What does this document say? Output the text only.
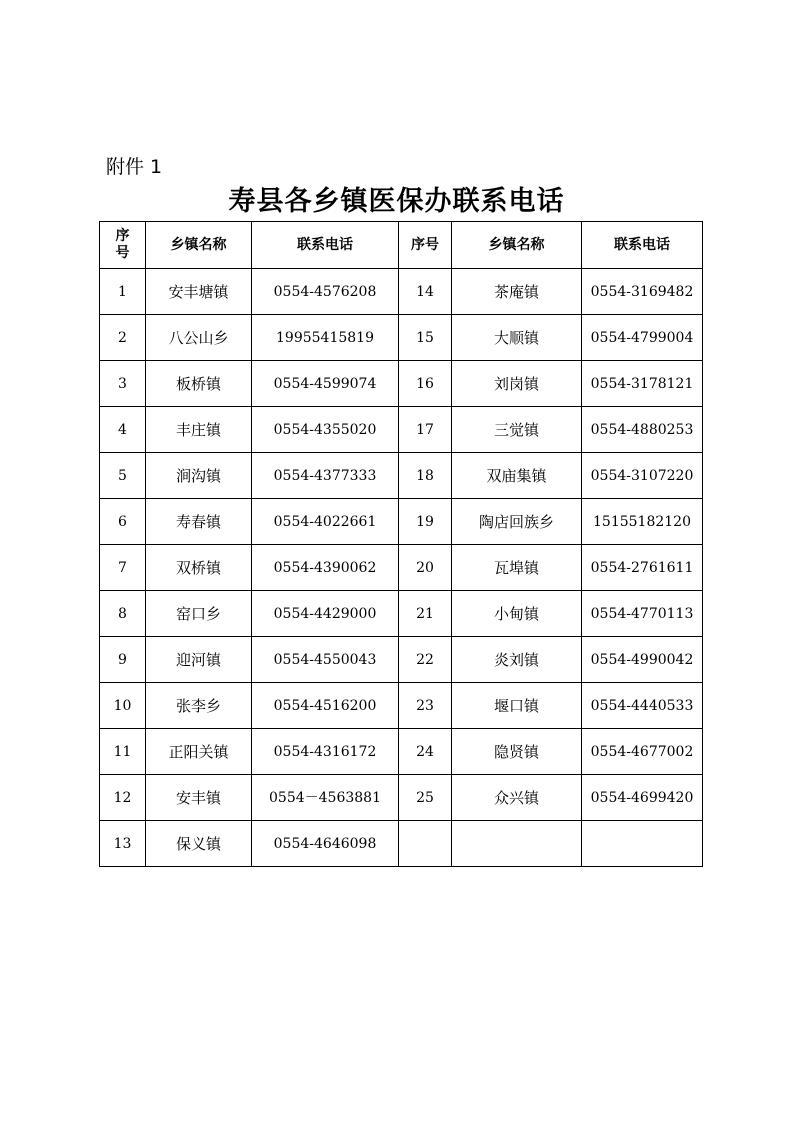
附件 1
寿县各乡镇医保办联系电话
序
号	乡镇名称	联系电话	序号	乡镇名称	联系电话
1	安丰塘镇	0554-4576208	14	茶庵镇	0554-3169482
2	八公山乡	19955415819	15	大顺镇	0554-4799004
3	板桥镇	0554-4599074	16	刘岗镇	0554-3178121
4	丰庄镇	0554-4355020	17	三觉镇	0554-4880253
5	涧沟镇	0554-4377333	18	双庙集镇	0554-3107220
6	寿春镇	0554-4022661	19	陶店回族乡	15155182120
7	双桥镇	0554-4390062	20	瓦埠镇	0554-2761611
8	窑口乡	0554-4429000	21	小甸镇	0554-4770113
9	迎河镇	0554-4550043	22	炎刘镇	0554-4990042
10	张李乡	0554-4516200	23	堰口镇	0554-4440533
11	正阳关镇	0554-4316172	24	隐贤镇	0554-4677002
12	安丰镇	0554－4563881	25	众兴镇	0554-4699420
13	保义镇	0554-4646098			
